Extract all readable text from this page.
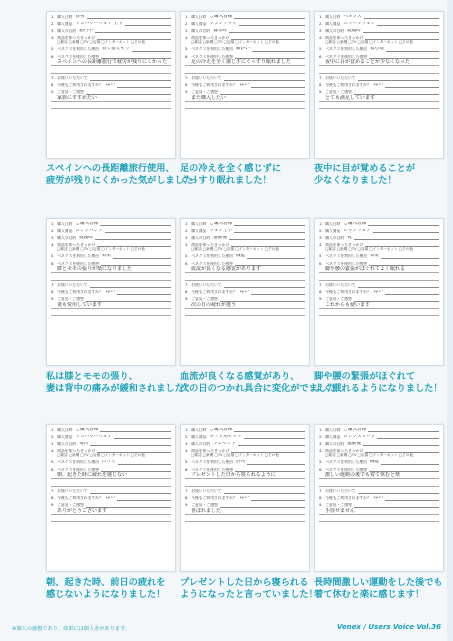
1．購入日時 春男
2．購入商品 リカバリーウェア 上下
3．購入の目的 旅行中
4．商品を知ったきっかけ
□雑誌 □新聞 □TV □店頭 □インターネット □その他
5．ベネクスを利用した理由 長く使えそう
6．ベネクスを使用した感想
スペインへの長距離旅行で疲労が残りにくかった

7．お使いいただいて
8．今後もご利用されますか？ はい
9．ご意見・ご感想
家族にすすめたい

1．購入日時 ご購入者様
2．購入商品 ブランケット
3．購入の目的 寝る時
4．商品を知ったきっかけ
□雑誌 □新聞 □TV □店頭 □インターネット □その他
5．ベネクスを利用した理由 暖かい
6．ベネクスを使用した感想
足の冷えを全く感じずにぐっすり眠れました

7．お使いいただいて
8．今後もご利用されますか？ はい
9．ご意見・ご感想
また購入したい

1．購入日時 ベネクス
2．購入商品 スリープウェア
3．購入の目的 就寝時
4．商品を知ったきっかけ
□雑誌 □新聞 □TV □店頭 □インターネット □その他
5．ベネクスを利用した理由 着心地
6．ベネクスを使用した感想
夜中に目が覚めることが少なくなった

7．お使いいただいて
8．今後もご利用されますか？ はい
9．ご意見・ご感想
とても満足しています

スペインへの長距離旅行使用、
疲労が残りにくかった気がしました！
足の冷えを全く感じずに
ぐっすり眠れました！
夜中に目が覚めることが
少なくなりました！
1．購入日時 ご購入者様
2．購入商品 ロングパンツ
3．購入の目的 就寝時
4．商品を知ったきっかけ
□雑誌 □新聞 □TV □店頭 □インターネット □その他
5．ベネクスを利用した理由 効果
6．ベネクスを使用した感想
膝とモモの張りが楽になりました

7．お使いいただいて
8．今後もご利用されますか？ はい
9．ご意見・ご感想
妻も愛用しています

1．購入日時 ご購入者様
2．購入商品 ウェア上下
3．購入の目的 運動後
4．商品を知ったきっかけ
□雑誌 □新聞 □TV □店頭 □インターネット □その他
5．ベネクスを利用した理由 機能
6．ベネクスを使用した感想
血流が良くなる感覚があります

7．お使いいただいて
8．今後もご利用されますか？ はい
9．ご意見・ご感想
次の日の疲れが違う

1．購入日時 ご購入者様
2．購入商品 レッグウェア
3．購入の目的 夜
4．商品を知ったきっかけ
□雑誌 □新聞 □TV □店頭 □インターネット □その他
5．ベネクスを利用した理由 効果
6．ベネクスを使用した感想
脚や腰の緊張がほぐれてよく眠れる

7．お使いいただいて
8．今後もご利用されますか？ はい
9．ご意見・ご感想
これからも使います

私は膝とモモの張り、
妻は背中の痛みが緩和されました！
血流が良くなる感覚があり、
次の日のつかれ具合に変化がでました！
脚や腰の緊張がほぐれて
よく眠れるようになりました！
1．購入日時 ご購入者様
2．購入商品 リカバリーウェア
3．購入の目的 毎日
4．商品を知ったきっかけ
□雑誌 □新聞 □TV □店頭 □インターネット □その他
5．ベネクスを利用した理由 口コミ
6．ベネクスを使用した感想
朝、起きた時に疲れを感じない

7．お使いいただいて
8．今後もご利用されますか？ はい
9．ご意見・ご感想
ありがとうございます

1．購入日時 ご購入者様
2．購入商品 ギフト用セット
3．購入の目的 プレゼント
4．商品を知ったきっかけ
□雑誌 □新聞 □TV □店頭 □インターネット □その他
5．ベネクスを利用した理由 評判
6．ベネクスを使用した感想
プレゼントした日から寝られるように

7．お使いいただいて
8．今後もご利用されますか？ はい
9．ご意見・ご感想
喜ばれました

1．購入日時 ご購入者様
2．購入商品 ロングスリーブ
3．購入の目的 運動後
4．商品を知ったきっかけ
□雑誌 □新聞 □TV □店頭 □インターネット □その他
5．ベネクスを利用した理由 機能
6．ベネクスを使用した感想
激しい運動の後でも着て休むと楽

7．お使いいただいて
8．今後もご利用されますか？ はい
9．ご意見・ご感想
手放せません

朝、起きた時、前日の疲れを
感じないようになりました！
プレゼントした日から寝られる
ようになったと言っていました！
長時間激しい運動をした後でも
着て休むと楽に感じます！
※個人の感想であり、効果には個人差があります。	Venex / Users Voice Vol.36
